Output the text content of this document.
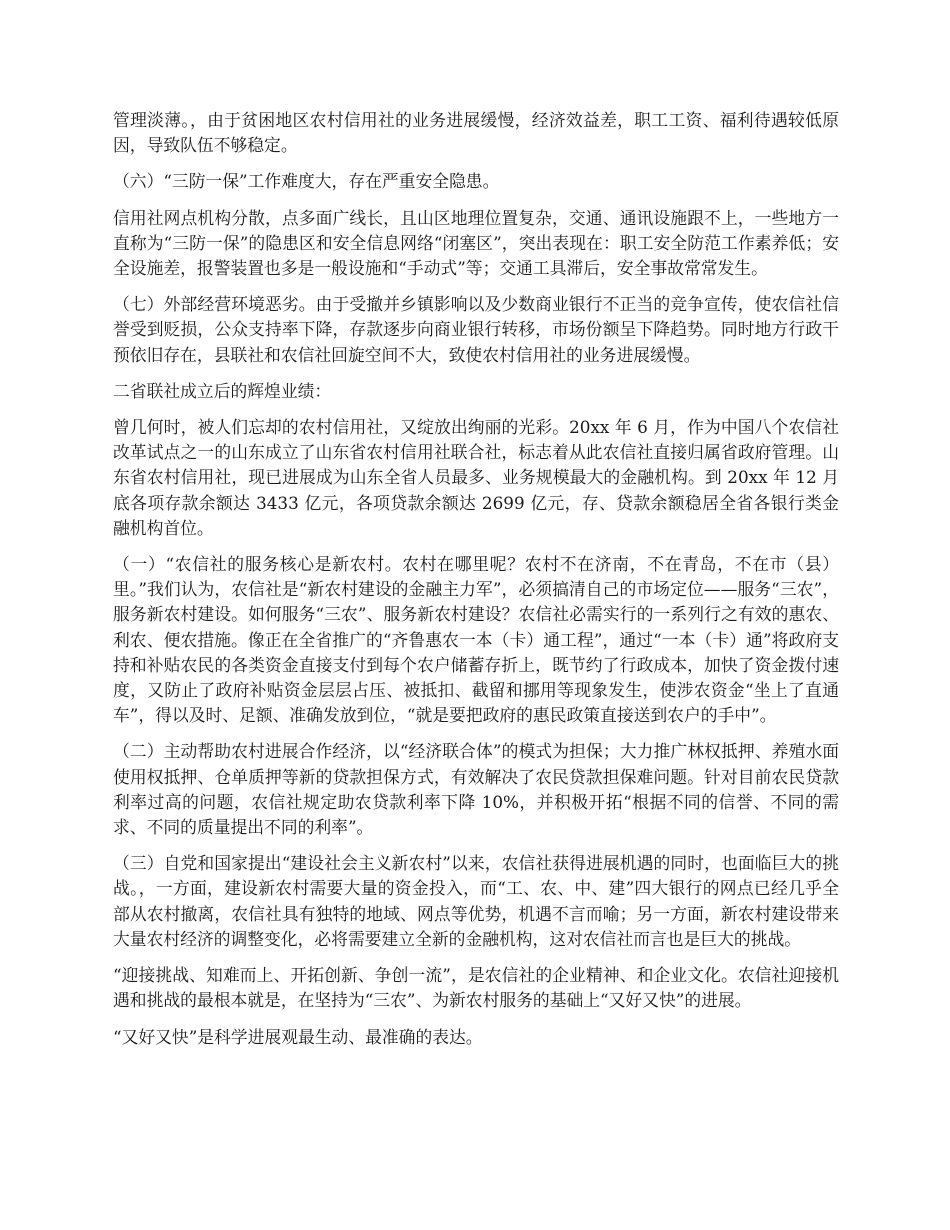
管理淡薄。，由于贫困地区农村信用社的业务进展缓慢，经济效益差，职工工资、福利待遇较低原因，导致队伍不够稳定。

（六）“三防一保”工作难度大，存在严重安全隐患。

信用社网点机构分散，点多面广线长，且山区地理位置复杂，交通、通讯设施跟不上，一些地方一直称为“三防一保”的隐患区和安全信息网络“闭塞区”，突出表现在：职工安全防范工作素养低；安全设施差，报警装置也多是一般设施和“手动式”等；交通工具滞后，安全事故常常发生。

（七）外部经营环境恶劣。由于受撤并乡镇影响以及少数商业银行不正当的竞争宣传，使农信社信誉受到贬损，公众支持率下降，存款逐步向商业银行转移，市场份额呈下降趋势。同时地方行政干预依旧存在，县联社和农信社回旋空间不大，致使农村信用社的业务进展缓慢。

二省联社成立后的辉煌业绩：

曾几何时，被人们忘却的农村信用社，又绽放出绚丽的光彩。20xx 年 6 月，作为中国八个农信社改革试点之一的山东成立了山东省农村信用社联合社，标志着从此农信社直接归属省政府管理。山东省农村信用社，现已进展成为山东全省人员最多、业务规模最大的金融机构。到 20xx 年 12 月底各项存款余额达 3433 亿元，各项贷款余额达 2699 亿元，存、贷款余额稳居全省各银行类金融机构首位。

（一）“农信社的服务核心是新农村。农村在哪里呢？农村不在济南，不在青岛，不在市（县）里。”我们认为，农信社是“新农村建设的金融主力军”，必须搞清自己的市场定位——服务“三农”，服务新农村建设。如何服务“三农”、服务新农村建设？农信社必需实行的一系列行之有效的惠农、利农、便农措施。像正在全省推广的“齐鲁惠农一本（卡）通工程”，通过“一本（卡）通”将政府支持和补贴农民的各类资金直接支付到每个农户储蓄存折上，既节约了行政成本，加快了资金拨付速度，又防止了政府补贴资金层层占压、被抵扣、截留和挪用等现象发生，使涉农资金“坐上了直通车”，得以及时、足额、准确发放到位，“就是要把政府的惠民政策直接送到农户的手中”。

（二）主动帮助农村进展合作经济，以“经济联合体”的模式为担保；大力推广林权抵押、养殖水面使用权抵押、仓单质押等新的贷款担保方式，有效解决了农民贷款担保难问题。针对目前农民贷款利率过高的问题，农信社规定助农贷款利率下降 10%，并积极开拓“根据不同的信誉、不同的需求、不同的质量提出不同的利率”。

（三）自党和国家提出“建设社会主义新农村”以来，农信社获得进展机遇的同时，也面临巨大的挑战。，一方面，建设新农村需要大量的资金投入，而“工、农、中、建”四大银行的网点已经几乎全部从农村撤离，农信社具有独特的地域、网点等优势，机遇不言而喻；另一方面，新农村建设带来大量农村经济的调整变化，必将需要建立全新的金融机构，这对农信社而言也是巨大的挑战。

“迎接挑战、知难而上、开拓创新、争创一流”，是农信社的企业精神、和企业文化。农信社迎接机遇和挑战的最根本就是，在坚持为“三农”、为新农村服务的基础上“又好又快”的进展。

“又好又快”是科学进展观最生动、最准确的表达。
